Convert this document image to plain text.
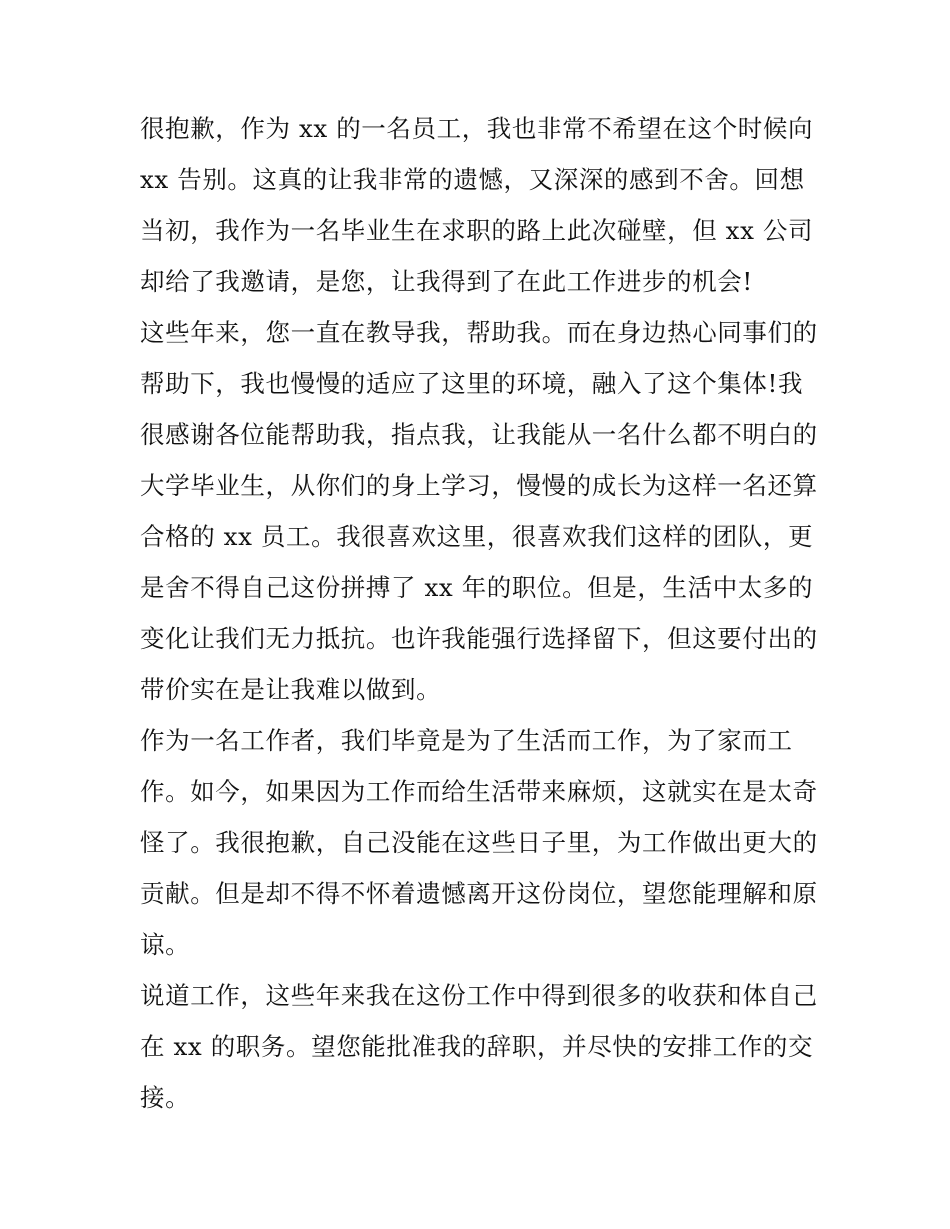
很抱歉，作为 xx 的一名员工，我也非常不希望在这个时候向
xx 告别。这真的让我非常的遗憾，又深深的感到不舍。回想
当初，我作为一名毕业生在求职的路上此次碰壁，但 xx 公司
却给了我邀请，是您，让我得到了在此工作进步的机会!
这些年来，您一直在教导我，帮助我。而在身边热心同事们的
帮助下，我也慢慢的适应了这里的环境，融入了这个集体!我
很感谢各位能帮助我，指点我，让我能从一名什么都不明白的
大学毕业生，从你们的身上学习，慢慢的成长为这样一名还算
合格的 xx 员工。我很喜欢这里，很喜欢我们这样的团队，更
是舍不得自己这份拼搏了 xx 年的职位。但是，生活中太多的
变化让我们无力抵抗。也许我能强行选择留下，但这要付出的
带价实在是让我难以做到。
作为一名工作者，我们毕竟是为了生活而工作，为了家而工
作。如今，如果因为工作而给生活带来麻烦，这就实在是太奇
怪了。我很抱歉，自己没能在这些日子里，为工作做出更大的
贡献。但是却不得不怀着遗憾离开这份岗位，望您能理解和原
谅。
说道工作，这些年来我在这份工作中得到很多的收获和体自己
在 xx 的职务。望您能批准我的辞职，并尽快的安排工作的交
接。
